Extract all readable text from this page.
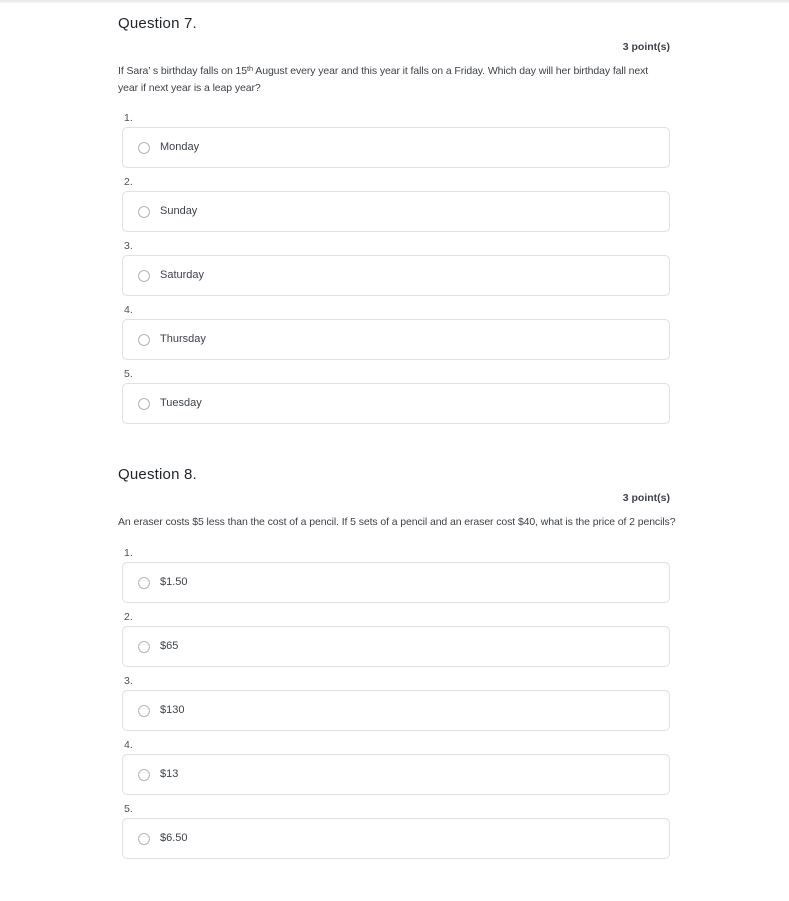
Question 7.
3 point(s)
If Sara’ s birthday falls on 15th August every year and this year it falls on a Friday. Which day will her birthday fall next year if next year is a leap year?
1.
Monday
2.
Sunday
3.
Saturday
4.
Thursday
5.
Tuesday
Question 8.
3 point(s)
An eraser costs $5 less than the cost of a pencil. If 5 sets of a pencil and an eraser cost $40, what is the price of 2 pencils?
1.
$1.50
2.
$65
3.
$130
4.
$13
5.
$6.50
